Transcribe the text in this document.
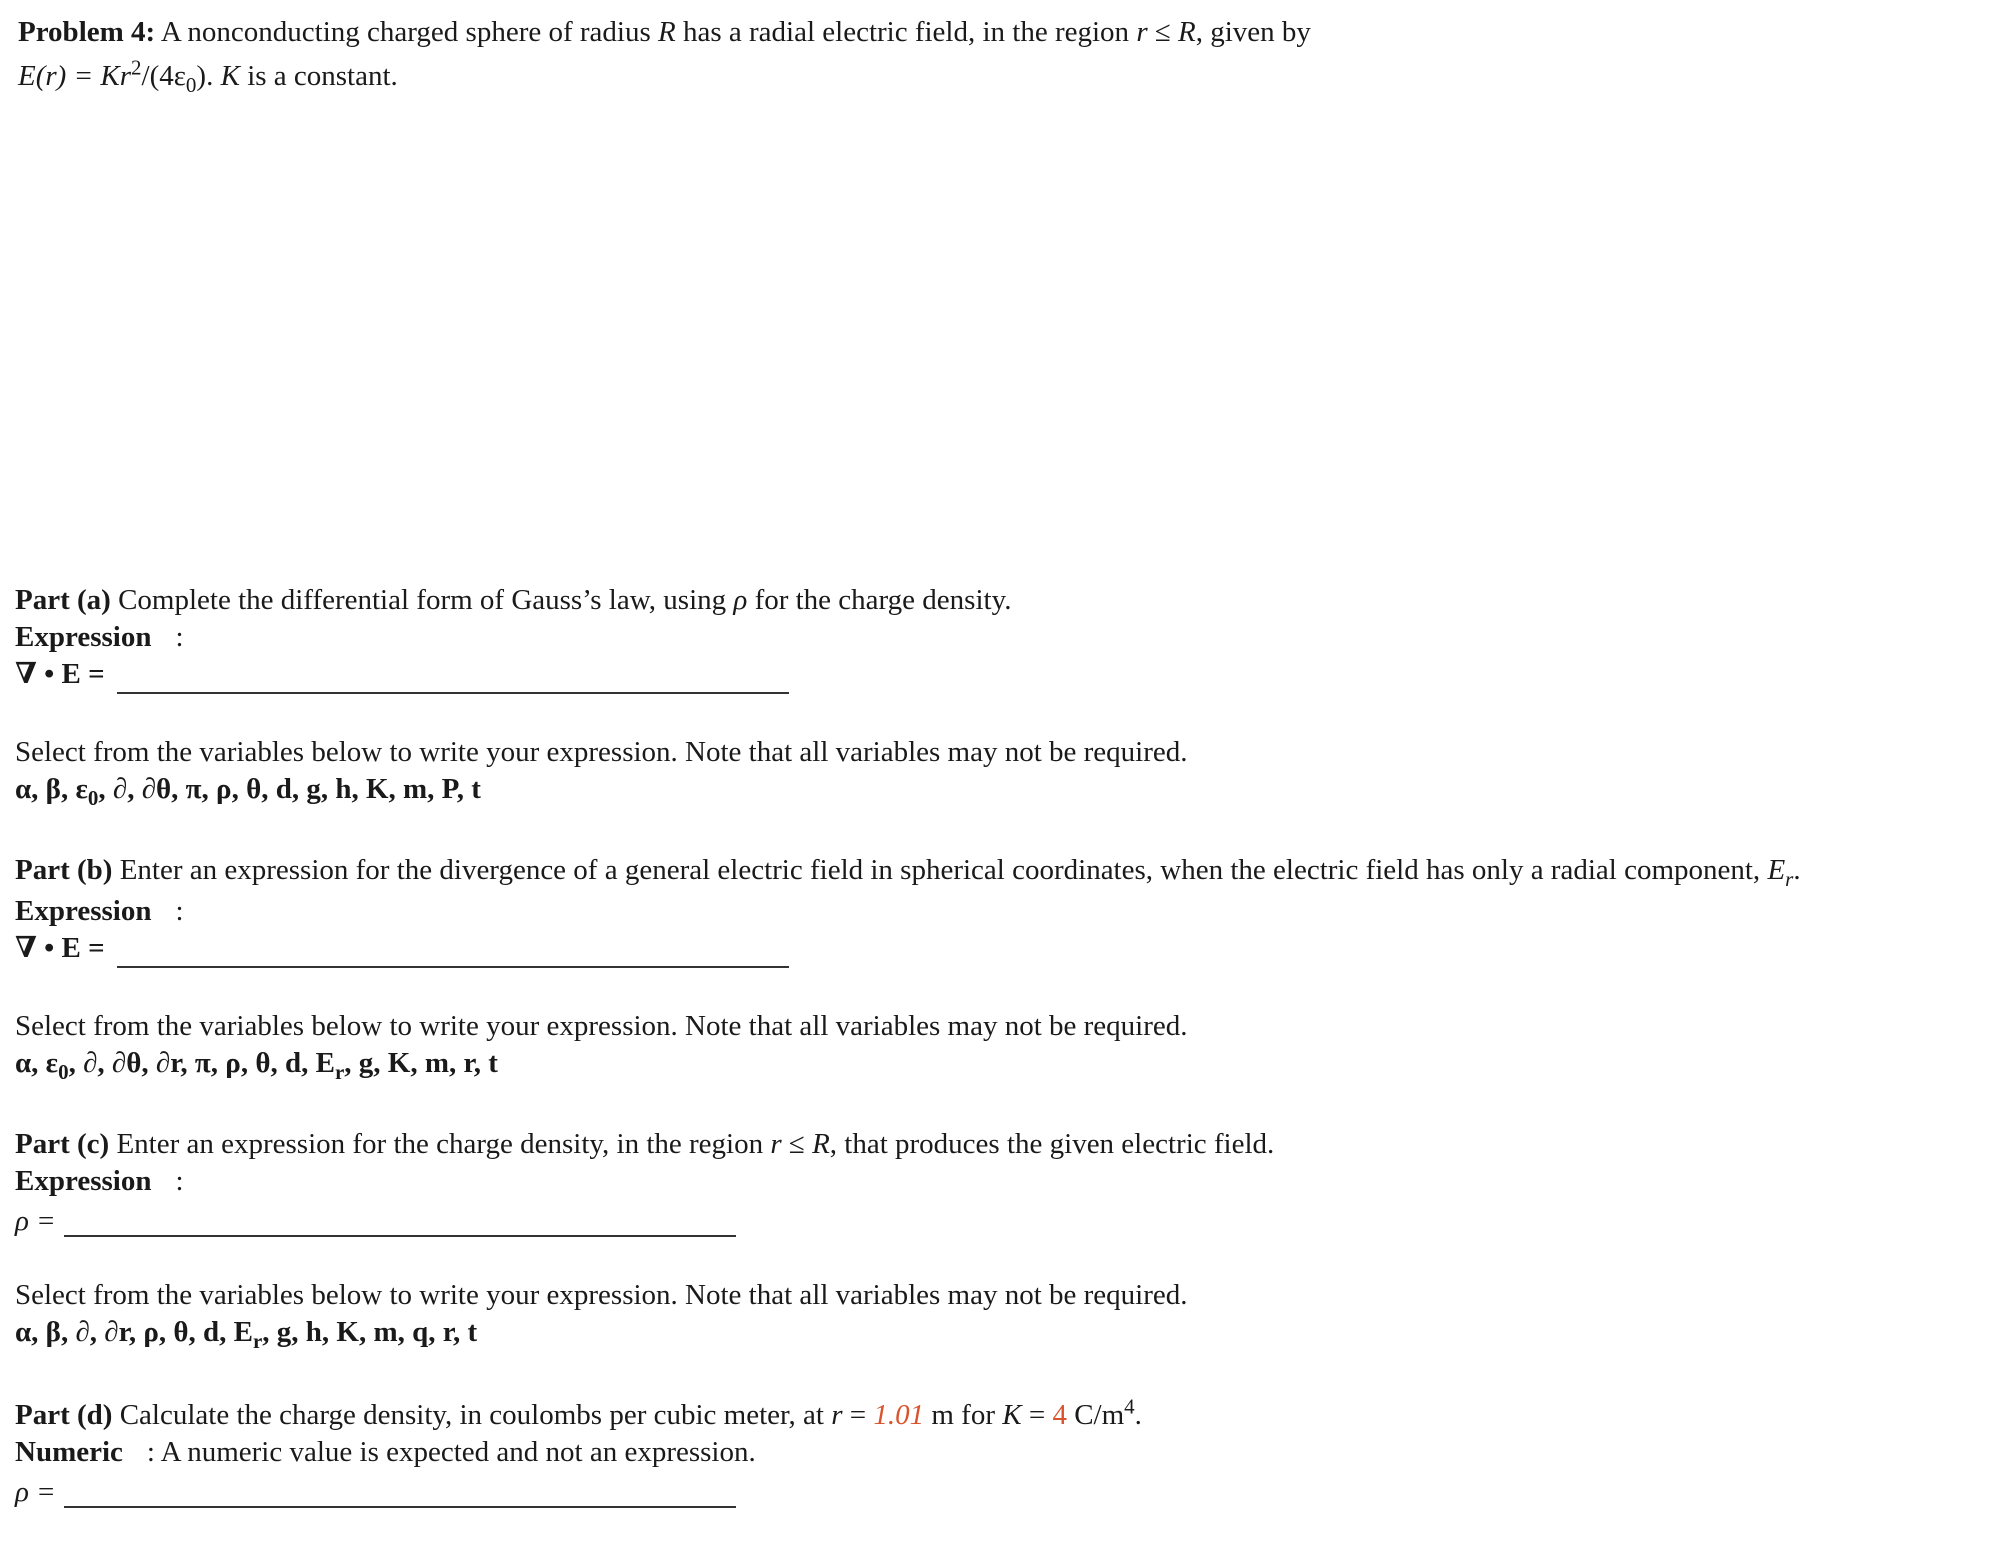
Problem 4: A nonconducting charged sphere of radius R has a radial electric field, in the region r ≤ R, given by
$E(r) = Kr^2/(4\varepsilon_0)$. K is a constant.
Part (a) Complete the differential form of Gauss’s law, using ρ for the charge density.
Expression :
∇ • E =
Select from the variables below to write your expression. Note that all variables may not be required.
α, β, $\varepsilon_0$, ∂, ∂θ, π, ρ, θ, d, g, h, K, m, P, t
Part (b) Enter an expression for the divergence of a general electric field in spherical coordinates, when the electric field has only a radial component, $E_r$.
Expression :
∇ • E =
Select from the variables below to write your expression. Note that all variables may not be required.
α, $\varepsilon_0$, ∂, ∂θ, ∂r, π, ρ, θ, d, $E_r$, g, K, m, r, t
Part (c) Enter an expression for the charge density, in the region r ≤ R, that produces the given electric field.
Expression :
ρ =
Select from the variables below to write your expression. Note that all variables may not be required.
α, β, ∂, ∂r, ρ, θ, d, $E_r$, g, h, K, m, q, r, t
Part (d) Calculate the charge density, in coulombs per cubic meter, at r = 1.01 m for K = 4 $C/m^4$.
Numeric : A numeric value is expected and not an expression.
ρ =
